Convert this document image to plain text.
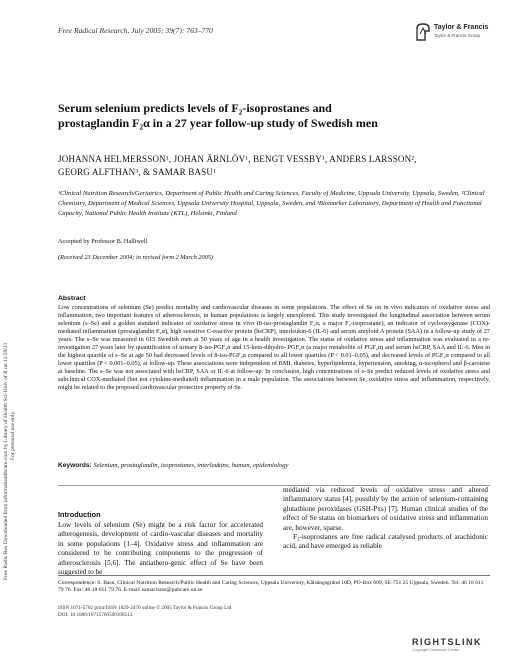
Free Radic Res Downloaded from informahealthcare.com by Library of Health Sci-Univ of Il on 11/29/11 For personal use only.
Free Radical Research, July 2005; 39(7): 763–770	Taylor & Francis
Taylor & Francis Group
Serum selenium predicts levels of F₂-isoprostanes and
prostaglandin F₂α in a 27 year follow-up study of Swedish men
JOHANNA HELMERSSON¹, JOHAN ÄRNLÖV¹, BENGT VESSBY¹, ANDERS LARSSON²,
GEORG ALFTHAN³, & SAMAR BASU¹
¹Clinical Nutrition Research/Geriatrics, Department of Public Health and Caring Sciences, Faculty of Medicine, Uppsala University, Uppsala, Sweden, ²Clinical Chemistry, Department of Medical Sciences, Uppsala University Hospital, Uppsala, Sweden, and ³Biomarker Laboratory, Department of Health and Functional Capacity, National Public Health Institute (KTL), Helsinki, Finland
Accepted by Professor B. Halliwell
(Received 23 December 2004; in revised form 2 March 2005)
Abstract

Low concentrations of selenium (Se) predict mortality and cardiovascular diseases in some populations. The effect of Se on in vivo indicators of oxidative stress and inflammation, two important features of atherosclerosis, in human populations is largely unexplored. This study investigated the longitudinal association between serum selenium (s–Se) and a golden standard indicator of oxidative stress in vivo (8-iso-prostaglandin F₂α, a major F₂-isoprostane), an indicator of cyclooxygenase (COX)-mediated inflammation (prostaglandin F₂α), high sensitive C-reactive protein (hsCRP), interleukin-6 (IL-6) and serum amyloid A protein (SAA) in a follow-up study of 27 years. The s–Se was measured in 615 Swedish men at 50 years of age in a health investigation. The status of oxidative stress and inflammation was evaluated in a re-investigation 27 years later by quantification of urinary 8-iso-PGF₂α and 15-keto-dihydro- PGF₂α (a major metabolite of PGF₂α) and serum hsCRP, SAA and IL-6. Men in the highest quartile of s–Se at age 50 had decreased levels of 8-iso-PGF₂α compared to all lower quartiles (P < 0.01–0.05), and decreased levels of PGF₂α compared to all lower quartiles (P < 0.001–0.05), at follow-up. These associations were independent of BMI, diabetes, hyperlipidemia, hypertension, smoking, α-tocopherol and β-carotene at baseline. The s–Se was not associated with hsCRP, SAA or IL-6 at follow-up. In conclusion, high concentrations of s–Se predict reduced levels of oxidative stress and subclinical COX-mediated (but not cytokine-mediated) inflammation in a male population. The associations between Se, oxidative stress and inflammation, respectively, might be related to the proposed cardiovascular protective property of Se.

Keywords: Selenium, prostaglandin, isoprostanes, interleukins, human, epidemiology
Introduction

Low levels of selenium (Se) might be a risk factor for accelerated atherogenesis, development of cardio-vascular diseases and mortality in some populations [1–4]. Oxidative stress and inflammation are considered to be contributing components to the progression of atherosclerosis [5,6]. The antiathero-genic effect of Se have been suggested to be

mediated via reduced levels of oxidative stress and altered inflammatory status [4], possibly by the action of selenium-containing glutathione peroxidases (GSH-Pxs) [7]. Human clinical studies of the effect of Se status on biomarkers of oxidative stress and inflammation are, however, sparse.

F₂-isoprostanes are free radical catalysed products of arachidonic acid, and have emerged as reliable

Correspondence: S. Basu, Clinical Nutrition Research/Public Health and Caring Sciences, Uppsala University, Kålsängsgränd 10D, PO-Box 609, SE-751 25 Uppsala, Sweden. Tel: 46 18 611 79 76. Fax: 46 18 611 79 76. E-mail: samar.basu@pubcare.uu.se

ISSN 1071-5762 print/ISSN 1029-2470 online © 2005 Taylor & Francis Group Ltd
DOI: 10.1080/10715760500108513
RIGHTSLINK
Copyright Clearance Center
